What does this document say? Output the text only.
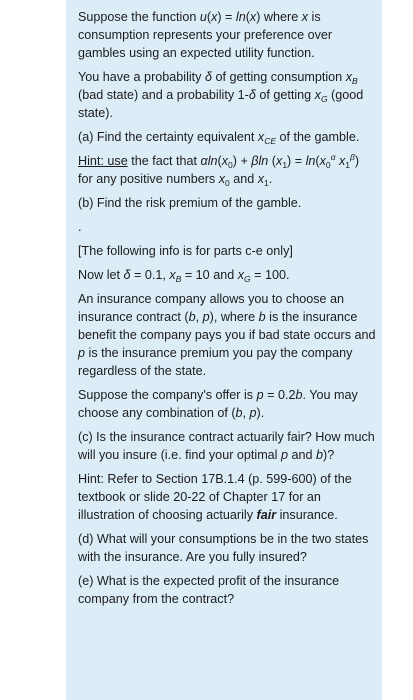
Suppose the function u(x) = ln(x) where x is consumption represents your preference over gambles using an expected utility function.

You have a probability δ of getting consumption $x_B$ (bad state) and a probability 1-δ of getting $x_G$ (good state).

(a) Find the certainty equivalent $x_{CE}$ of the gamble.

Hint: use the fact that $\alpha\ln(x_0) + \beta\ln$ $(x_1) = \ln(x_0^\alpha$ $x_1^\beta$) for any positive numbers $x_0$ and $x_1$.

(b) Find the risk premium of the gamble.

.

[The following info is for parts c-e only]

Now let δ = 0.1, $x_B = 10$ and $x_G = 100$.

An insurance company allows you to choose an insurance contract (b, p), where b is the insurance benefit the company pays you if bad state occurs and p is the insurance premium you pay the company regardless of the state.

Suppose the company's offer is p = 0.2b. You may choose any combination of (b, p).

(c) Is the insurance contract actuarily fair? How much will you insure (i.e. find your optimal p and b)?

Hint: Refer to Section 17B.1.4 (p. 599-600) of the textbook or slide 20-22 of Chapter 17 for an illustration of choosing actuarily fair insurance.

(d) What will your consumptions be in the two states with the insurance. Are you fully insured?

(e) What is the expected profit of the insurance company from the contract?
